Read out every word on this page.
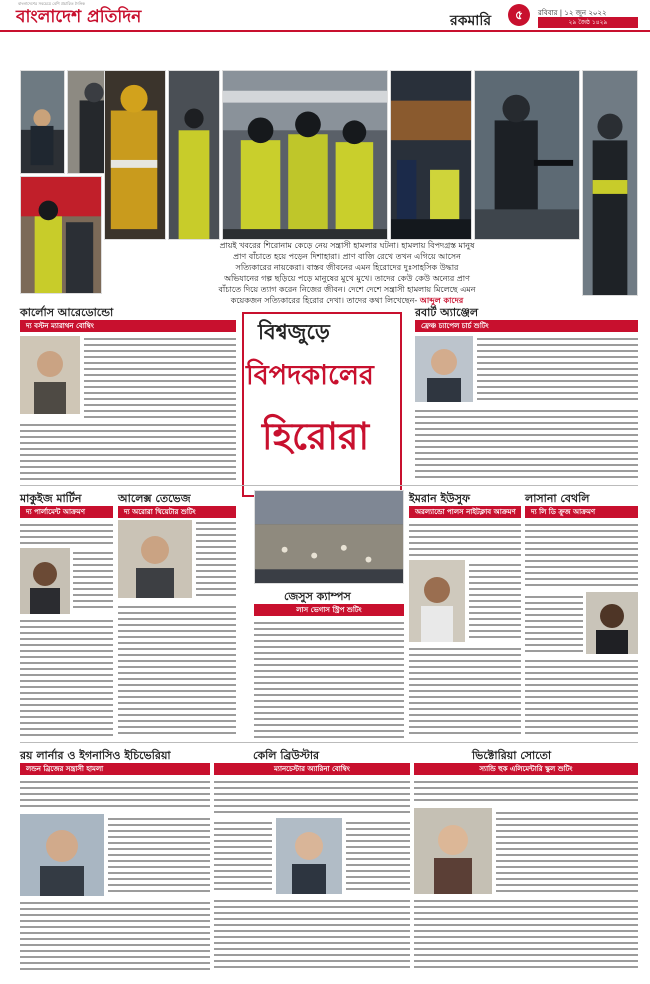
বাংলাদেশের সবচেয়ে বেশি প্রচারিত দৈনিক
বাংলাদেশ প্রতিদিন	রকমারি	৫	রবিবার | ১২ জুন ২০২২
২৯ জৈষ্ঠ ১৪২৯
প্রায়ই খবরের শিরোনাম কেড়ে নেয় সন্ত্রাসী হামলার ঘটনা। হামলায় বিপদগ্রস্ত মানুষ প্রাণ বাঁচাতে হয়ে পড়েন দিশাহারা। প্রাণ বাজি রেখে তখন এগিয়ে আসেন সত্যিকারের নায়কেরা। বাস্তব জীবনের এমন হিরোদের দুঃসাহসিক উদ্ধার অভিযানের গল্প ছড়িয়ে পড়ে মানুষের মুখে মুখে। তাদের কেউ কেউ অন্যের প্রাণ বাঁচাতে দিয়ে ত্যাগ করেন নিজের জীবন। দেশে দেশে সন্ত্রাসী হামলায় মিলেছে এমন কয়েকজন সত্যিকারের হিরোর দেখা। তাদের কথা লিখেছেন- আব্দুল কাদের
বিশ্বজুড়ে
বিপদকালের
হিরোরা
কার্লোস আরেডোন্ডো
দ্য বস্টন ম্যারাথন বোম্বিং
রবার্ট অ্যাঞ্জেল
ফ্রেঞ্চ চ্যাপেল চার্চ শুটিং
মাকুইজ মার্টিন
দ্য পার্লামেন্ট আক্রমণ
আলেক্স তেভেজ
দ্য অরোরা থিয়েটার শুটিং
জেসুস ক্যাম্পস
লাস ভেগাস স্ট্রিপ শুটিং
ইমরান ইউসুফ
অরল্যান্ডো পালস নাইটক্লাব আক্রমণ
লাসানা বেথলি
দ্য লি ডি ক্রুজ আক্রমণ
রয় লার্নার ও ইগনাসিও ইচিভেরিয়া
লন্ডন ব্রিজের সন্ত্রাসী হামলা
কেলি ব্রিউস্টার
ম্যানচেস্টার অ্যারিনা বোম্বিং
ভিক্টোরিয়া সোতো
স্যান্ডি হুক এলিমেন্টারি স্কুল শুটিং
